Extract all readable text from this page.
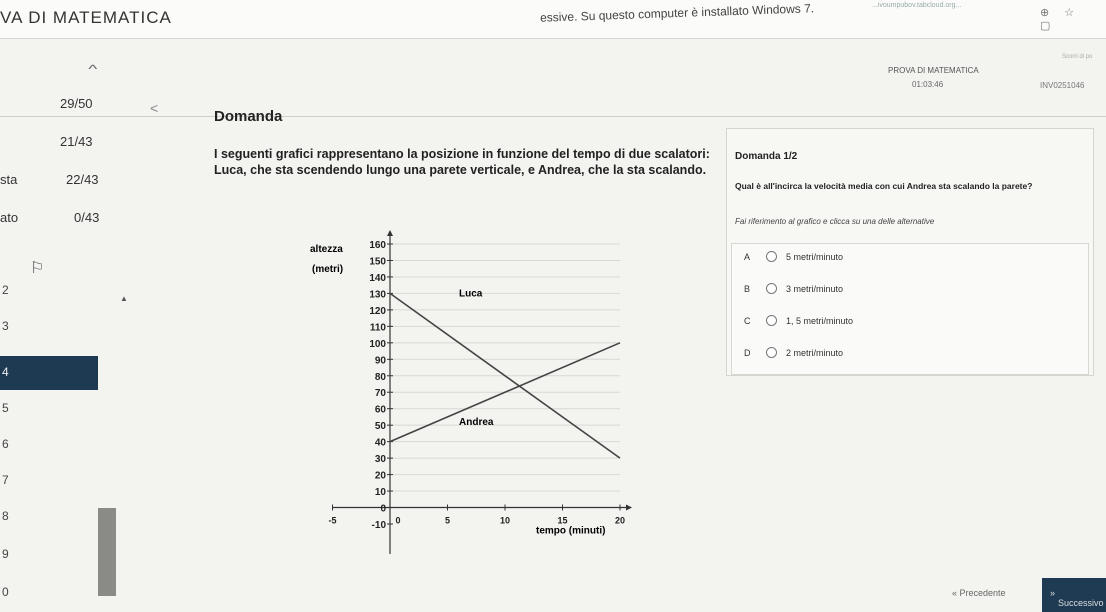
VA DI MATEMATICA	essive. Su questo computer è installato Windows 7.	...ivoumpubov.tabcloud.org...
⊕ ☆ ▢
^
Scorri di po
PROVA DI MATEMATICA
01:03:46	INV0251046
29/50
21/43
sta	22/43
ato	0/43
⚐
▲
2
3
4
5
6
7
8
9
0
<	Domanda
I seguenti grafici rappresentano la posizione in funzione del tempo di due scalatori: Luca, che sta scendendo lungo una parete verticale, e Andrea, che la sta scalando.
-10
0
10
20
30
40
50
60
70
80
90
100
110
120
130
140
150
160
-5	0	5	10	15	20
altezza
(metri)
tempo (minuti)
Luca
Andrea
Domanda 1/2
Qual è all'incirca la velocità media con cui Andrea sta scalando la parete?
Fai riferimento al grafico e clicca su una delle alternative
A	5 metri/minuto
B	3 metri/minuto
C	1, 5 metri/minuto
D	2 metri/minuto
« Precedente	»
Successivo
